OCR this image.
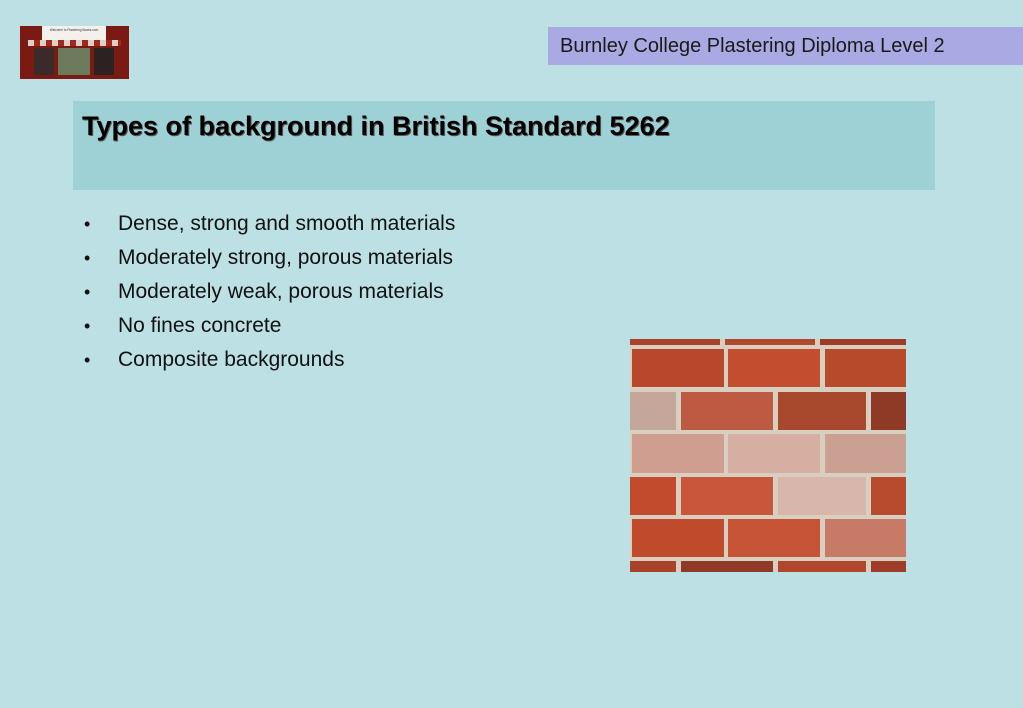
Welcome to Plastering Books.com
Burnley College Plastering Diploma Level 2
Types of background in British Standard 5262
• Dense, strong and smooth materials
• Moderately strong, porous materials
• Moderately weak, porous materials
• No fines concrete
• Composite backgrounds
